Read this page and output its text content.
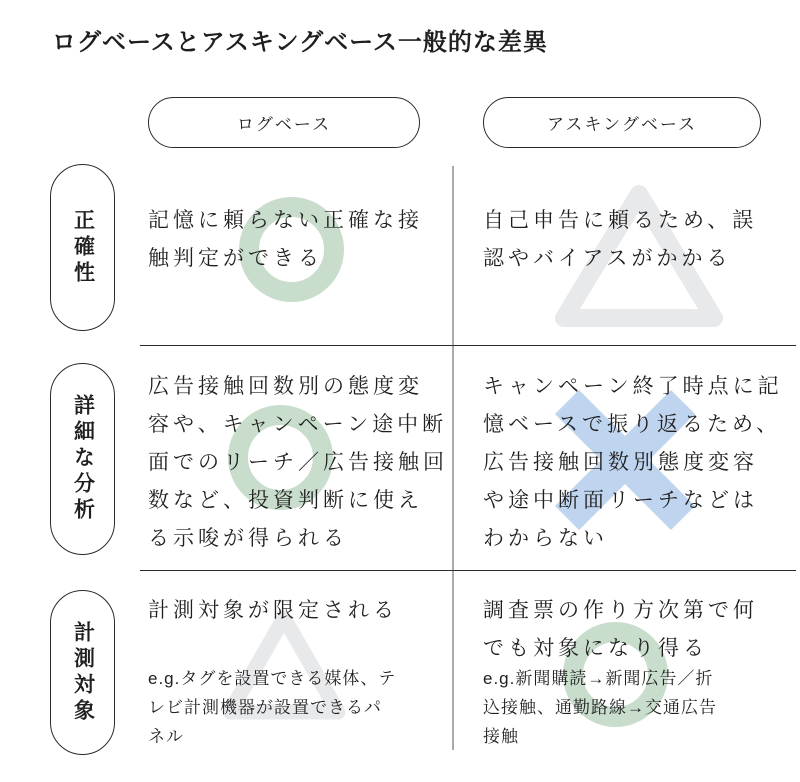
ログベースとアスキングベース一般的な差異
ログベース	アスキングベース
正確性
詳細な分析
計測対象
記憶に頼らない正確な接
触判定ができる
自己申告に頼るため、誤
認やバイアスがかかる
広告接触回数別の態度変
容や、キャンペーン途中断
面でのリーチ／広告接触回
数など、投資判断に使え
る示唆が得られる
キャンペーン終了時点に記
憶ベースで振り返るため、
広告接触回数別態度変容
や途中断面リーチなどは
わからない
計測対象が限定される	調査票の作り方次第で何
でも対象になり得る
e.g.タグを設置できる媒体、テ
レビ計測機器が設置できるパ
ネル
e.g.新聞購読→新聞広告／折
込接触、通勤路線→交通広告
接触
